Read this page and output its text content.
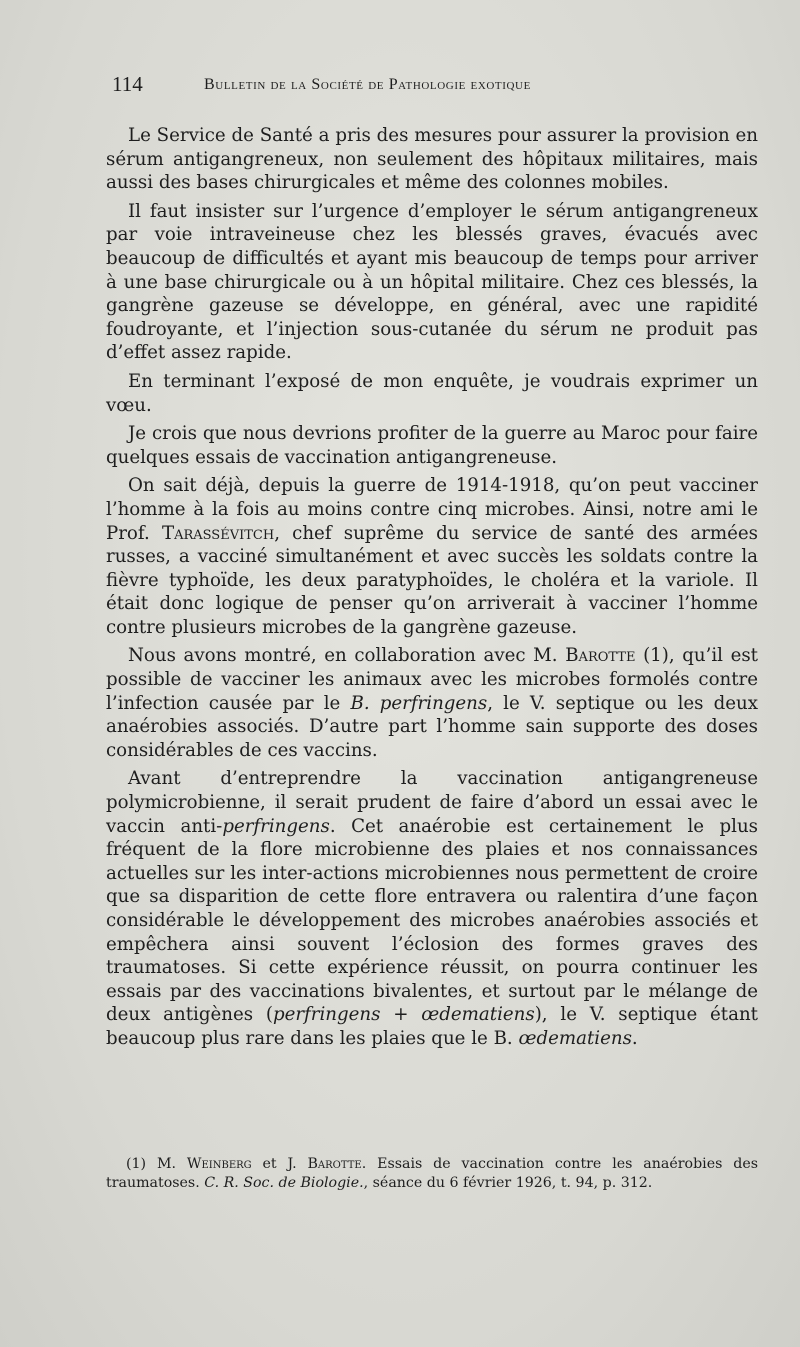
114	Bulletin de la Société de Pathologie exotique

Le Service de Santé a pris des mesures pour assurer la provision en sérum antigangreneux, non seulement des hôpitaux militaires, mais aussi des bases chirurgicales et même des colonnes mobiles.

Il faut insister sur l’urgence d’employer le sérum antigangreneux par voie intraveineuse chez les blessés graves, évacués avec beaucoup de difficultés et ayant mis beaucoup de temps pour arriver à une base chirurgicale ou à un hôpital militaire. Chez ces blessés, la gangrène gazeuse se développe, en général, avec une rapidité foudroyante, et l’injection sous-cutanée du sérum ne produit pas d’effet assez rapide.

En terminant l’exposé de mon enquête, je voudrais exprimer un vœu.

Je crois que nous devrions profiter de la guerre au Maroc pour faire quelques essais de vaccination antigangreneuse.

On sait déjà, depuis la guerre de 1914-1918, qu’on peut vacciner l’homme à la fois au moins contre cinq microbes. Ainsi, notre ami le Prof. Tarassévitch, chef suprême du service de santé des armées russes, a vacciné simultanément et avec succès les soldats contre la fièvre typhoïde, les deux paratyphoïdes, le choléra et la variole. Il était donc logique de penser qu’on arriverait à vacciner l’homme contre plusieurs microbes de la gangrène gazeuse.

Nous avons montré, en collaboration avec M. Barotte (1), qu’il est possible de vacciner les animaux avec les microbes formolés contre l’infection causée par le B. perfringens, le V. septique ou les deux anaérobies associés. D’autre part l’homme sain supporte des doses considérables de ces vaccins.

Avant d’entreprendre la vaccination antigangreneuse polymicrobienne, il serait prudent de faire d’abord un essai avec le vaccin anti-perfringens. Cet anaérobie est certainement le plus fréquent de la flore microbienne des plaies et nos connaissances actuelles sur les inter-actions microbiennes nous permettent de croire que sa disparition de cette flore entravera ou ralentira d’une façon considérable le développement des microbes anaérobies associés et empêchera ainsi souvent l’éclosion des formes graves des traumatoses. Si cette expérience réussit, on pourra continuer les essais par des vaccinations bivalentes, et surtout par le mélange de deux antigènes (perfringens + œdematiens), le V. septique étant beaucoup plus rare dans les plaies que le B. œdematiens.

(1) M. Weinberg et J. Barotte. Essais de vaccination contre les anaérobies des traumatoses. C. R. Soc. de Biologie., séance du 6 février 1926, t. 94, p. 312.
